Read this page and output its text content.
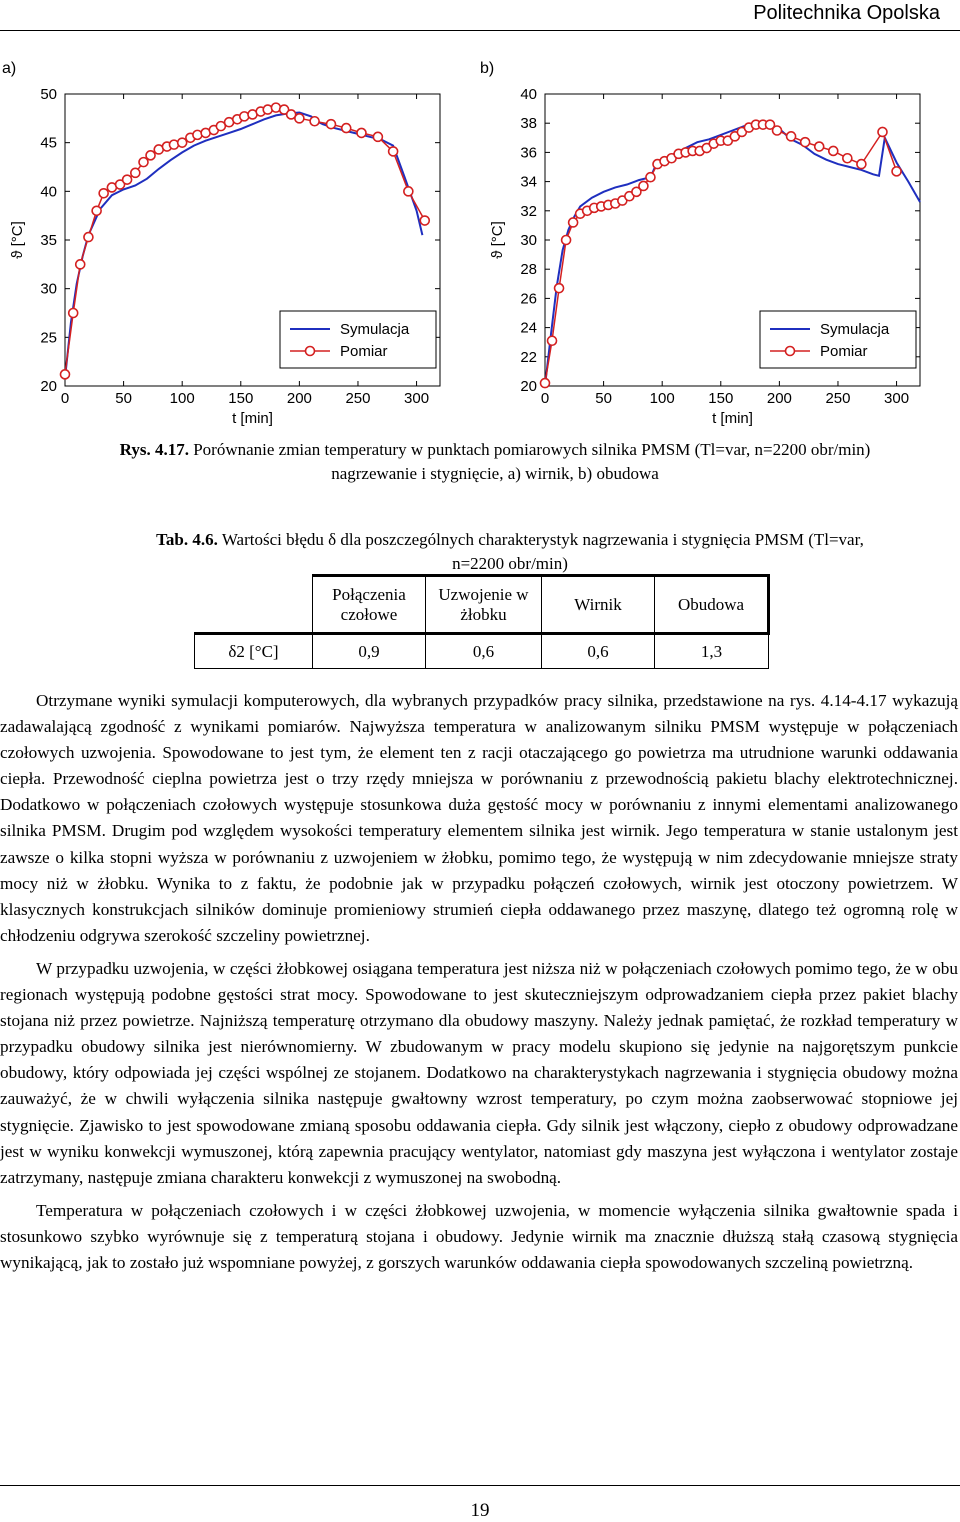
Politechnika Opolska
a)	b)
0	50	100 150 200 250 300
20
25
30
35
40
45
50
t [min]
ϑ [°C]
Symulacja
Pomiar
0	50	100 150 200 250 300
20
22
24
26
28
30
32
34
36
38
40
t [min]
ϑ [°C]
Symulacja
Pomiar
Rys. 4.17. Porównanie zmian temperatury w punktach pomiarowych silnika PMSM (Tl=var, n=2200 obr/min) nagrzewanie i stygnięcie, a) wirnik, b) obudowa
Tab. 4.6. Wartości błędu δ dla poszczególnych charakterystyk nagrzewania i stygnięcia PMSM (Tl=var, n=2200 obr/min)
	Połączenia czołowe	Uzwojenie w żłobku	Wirnik	Obudowa
δ2 [°C]	0,9	0,6	0,6	1,3

Otrzymane wyniki symulacji komputerowych, dla wybranych przypadków pracy silnika, przedstawione na rys. 4.14-4.17 wykazują zadawalającą zgodność z wynikami pomiarów. Najwyższa temperatura w analizowanym silniku PMSM występuje w połączeniach czołowych uzwojenia. Spowodowane to jest tym, że element ten z racji otaczającego go powietrza ma utrudnione warunki oddawania ciepła. Przewodność cieplna powietrza jest o trzy rzędy mniejsza w porównaniu z przewodnością pakietu blachy elektrotechnicznej. Dodatkowo w połączeniach czołowych występuje stosunkowa duża gęstość mocy w porównaniu z innymi elementami analizowanego silnika PMSM. Drugim pod względem wysokości temperatury elementem silnika jest wirnik. Jego temperatura w stanie ustalonym jest zawsze o kilka stopni wyższa w porównaniu z uzwojeniem w żłobku, pomimo tego, że występują w nim zdecydowanie mniejsze straty mocy niż w żłobku. Wynika to z faktu, że podobnie jak w przypadku połączeń czołowych, wirnik jest otoczony powietrzem. W klasycznych konstrukcjach silników dominuje promieniowy strumień ciepła oddawanego przez maszynę, dlatego też ogromną rolę w chłodzeniu odgrywa szerokość szczeliny powietrznej.

W przypadku uzwojenia, w części żłobkowej osiągana temperatura jest niższa niż w połączeniach czołowych pomimo tego, że w obu regionach występują podobne gęstości strat mocy. Spowodowane to jest skuteczniejszym odprowadzaniem ciepła przez pakiet blachy stojana niż przez powietrze. Najniższą temperaturę otrzymano dla obudowy maszyny. Należy jednak pamiętać, że rozkład temperatury w przypadku obudowy silnika jest nierównomierny. W zbudowanym w pracy modelu skupiono się jedynie na najgorętszym punkcie obudowy, który odpowiada jej części wspólnej ze stojanem. Dodatkowo na charakterystykach nagrzewania i stygnięcia obudowy można zauważyć, że w chwili wyłączenia silnika następuje gwałtowny wzrost temperatury, po czym można zaobserwować stopniowe jej stygnięcie. Zjawisko to jest spowodowane zmianą sposobu oddawania ciepła. Gdy silnik jest włączony, ciepło z obudowy odprowadzane jest w wyniku konwekcji wymuszonej, którą zapewnia pracujący wentylator, natomiast gdy maszyna jest wyłączona i wentylator zostaje zatrzymany, następuje zmiana charakteru konwekcji z wymuszonej na swobodną.

Temperatura w połączeniach czołowych i w części żłobkowej uzwojenia, w momencie wyłączenia silnika gwałtownie spada i stosunkowo szybko wyrównuje się z temperaturą stojana i obudowy. Jedynie wirnik ma znacznie dłuższą stałą czasową stygnięcia wynikającą, jak to zostało już wspomniane powyżej, z gorszych warunków oddawania ciepła spowodowanych szczeliną powietrzną.

19
